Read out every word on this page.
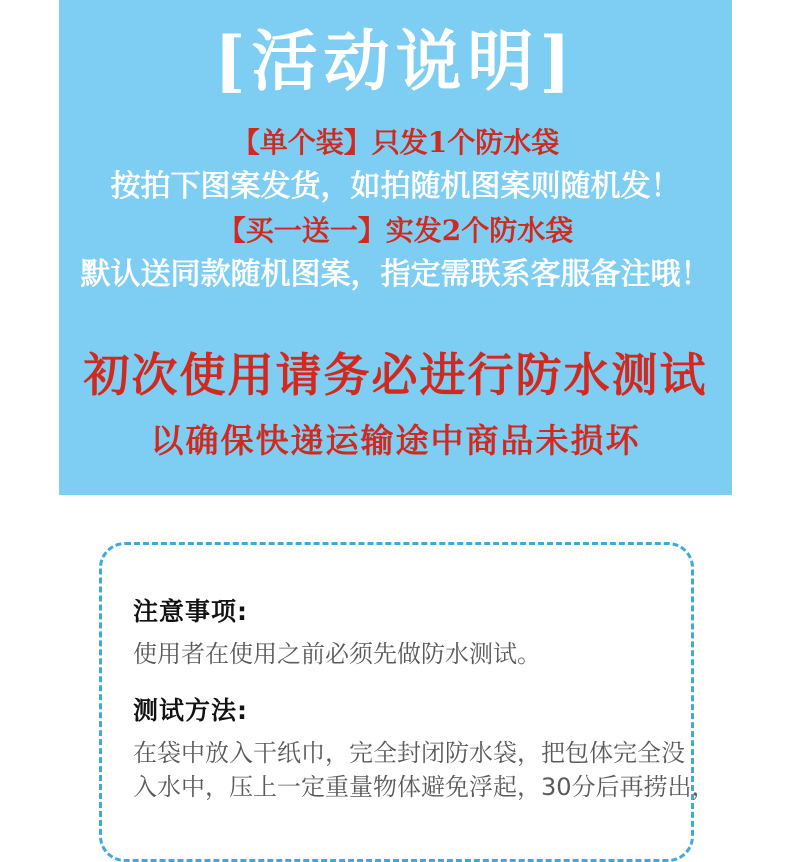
[活动说明]
【单个装】只发1个防水袋
按拍下图案发货，如拍随机图案则随机发！
【买一送一】实发2个防水袋
默认送同款随机图案，指定需联系客服备注哦！
初次使用请务必进行防水测试
以确保快递运输途中商品未损坏

注意事项:

使用者在使用之前必须先做防水测试。

测试方法:

在袋中放入干纸巾，完全封闭防水袋，把包体完全没

入水中，压上一定重量物体避免浮起，30分后再捞出，
